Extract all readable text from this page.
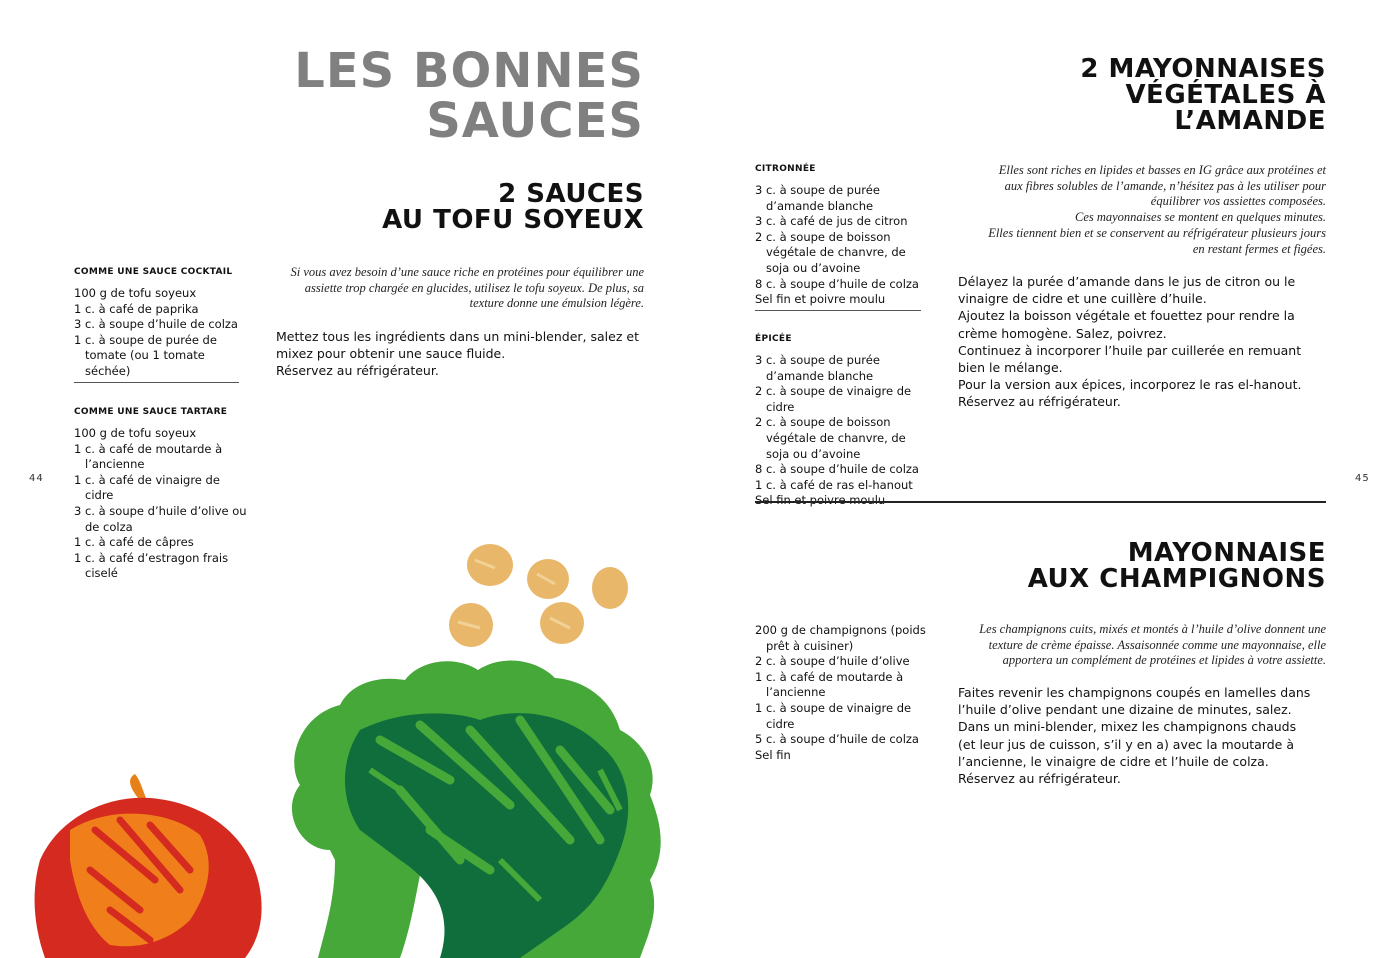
LES BONNES
SAUCES
2 SAUCES
AU TOFU SOYEUX

COMME UNE SAUCE COCKTAIL

100 g de tofu soyeux
1 c. à café de paprika
3 c. à soupe d’huile de colza
1 c. à soupe de purée de tomate (ou 1 tomate séchée)

COMME UNE SAUCE TARTARE

100 g de tofu soyeux
1 c. à café de moutarde à l’ancienne
1 c. à café de vinaigre de cidre
3 c. à soupe d’huile d’olive ou de colza
1 c. à café de câpres
1 c. à café d’estragon frais ciselé

Si vous avez besoin d’une sauce riche en protéines pour équilibrer une assiette trop chargée en glucides, utilisez le tofu soyeux. De plus, sa texture donne une émulsion légère.

Mettez tous les ingrédients dans un mini-blender, salez et mixez pour obtenir une sauce fluide.

Réservez au réfrigérateur.

44
2 MAYONNAISES
VÉGÉTALES À
L’AMANDE

CITRONNÉE

3 c. à soupe de purée d’amande blanche
3 c. à café de jus de citron
2 c. à soupe de boisson végétale de chanvre, de soja ou d’avoine
8 c. à soupe d’huile de colza
Sel fin et poivre moulu

ÉPICÉE

3 c. à soupe de purée d’amande blanche
2 c. à soupe de vinaigre de cidre
2 c. à soupe de boisson végétale de chanvre, de soja ou d’avoine
8 c. à soupe d’huile de colza
1 c. à café de ras el-hanout
Elles sont riches en lipides et basses en IG grâce aux protéines et aux fibres solubles de l’amande, n’hésitez pas à les utiliser pour équilibrer vos assiettes composées.
Ces mayonnaises se montent en quelques minutes.
Elles tiennent bien et se conservent au réfrigérateur plusieurs jours en restant fermes et figées.

Délayez la purée d’amande dans le jus de citron ou le vinaigre de cidre et une cuillère d’huile.

Ajoutez la boisson végétale et fouettez pour rendre la crème homogène. Salez, poivrez.

Continuez à incorporer l’huile par cuillerée en remuant bien le mélange.

Pour la version aux épices, incorporez le ras el-hanout.

Réservez au réfrigérateur.

45
MAYONNAISE
AUX CHAMPIGNONS
200 g de champignons (poids prêt à cuisiner)
2 c. à soupe d’huile d’olive
1 c. à café de moutarde à l’ancienne
1 c. à soupe de vinaigre de cidre
5 c. à soupe d’huile de colza
Sel fin

Les champignons cuits, mixés et montés à l’huile d’olive donnent une texture de crème épaisse. Assaisonnée comme une mayonnaise, elle apportera un complément de protéines et lipides à votre assiette.

Faites revenir les champignons coupés en lamelles dans l’huile d’olive pendant une dizaine de minutes, salez.

Dans un mini-blender, mixez les champignons chauds (et leur jus de cuisson, s’il y en a) avec la moutarde à l’ancienne, le vinaigre de cidre et l’huile de colza.

Réservez au réfrigérateur.
